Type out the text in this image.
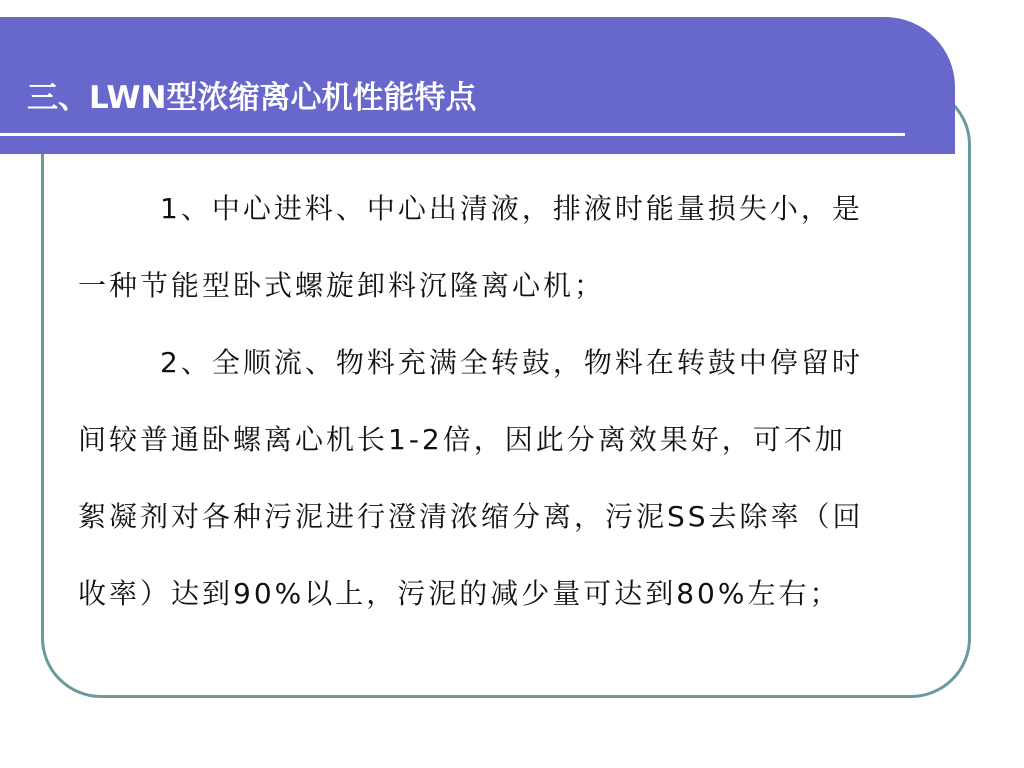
三、LWN型浓缩离心机性能特点

1、中心进料、中心出清液，排液时能量损失小，是
一种节能型卧式螺旋卸料沉隆离心机；

2、全顺流、物料充满全转鼓，物料在转鼓中停留时
间较普通卧螺离心机长1-2倍，因此分离效果好，可不加
絮凝剂对各种污泥进行澄清浓缩分离，污泥SS去除率（回
收率）达到90%以上，污泥的减少量可达到80%左右；
